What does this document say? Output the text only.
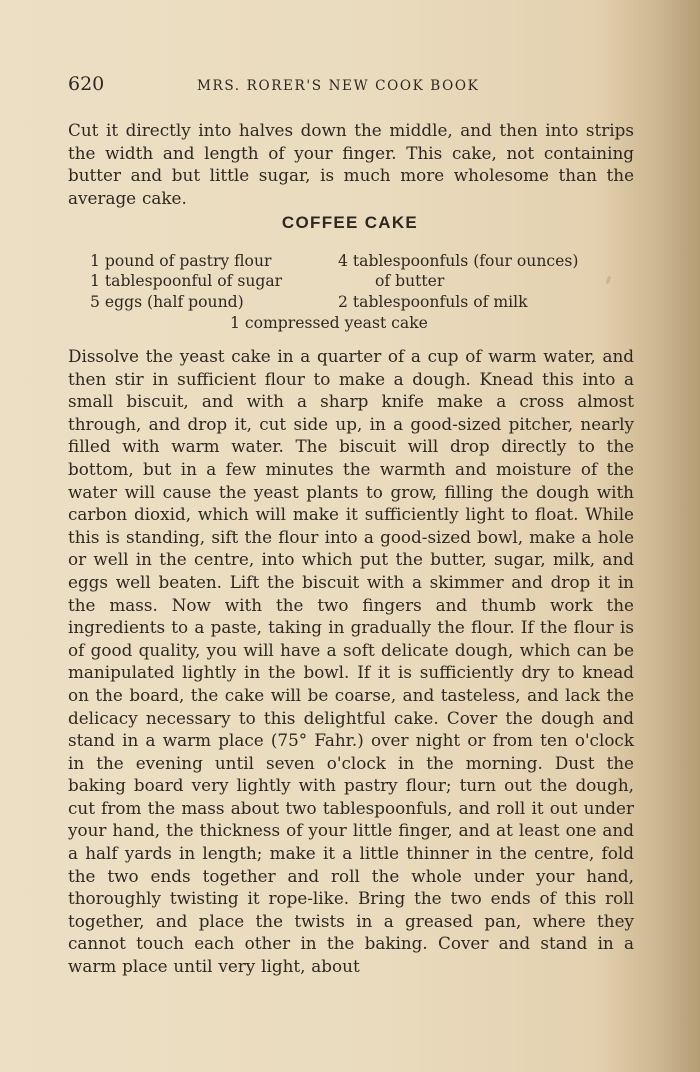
620	MRS. RORER'S NEW COOK BOOK

Cut it directly into halves down the middle, and then into strips the width and length of your finger. This cake, not containing butter and but little sugar, is much more wholesome than the average cake.

COFFEE CAKE

1 pound of pastry flour

1 tablespoonful of sugar

5 eggs (half pound)

4 tablespoonfuls (four ounces)

of butter

2 tablespoonfuls of milk

1 compressed yeast cake

Dissolve the yeast cake in a quarter of a cup of warm water, and then stir in sufficient flour to make a dough. Knead this into a small biscuit, and with a sharp knife make a cross almost through, and drop it, cut side up, in a good-sized pitcher, nearly filled with warm water. The biscuit will drop directly to the bottom, but in a few minutes the warmth and moisture of the water will cause the yeast plants to grow, filling the dough with carbon dioxid, which will make it sufficiently light to float. While this is standing, sift the flour into a good-sized bowl, make a hole or well in the centre, into which put the butter, sugar, milk, and eggs well beaten. Lift the biscuit with a skimmer and drop it in the mass. Now with the two fingers and thumb work the ingredients to a paste, taking in gradually the flour. If the flour is of good quality, you will have a soft delicate dough, which can be manipulated lightly in the bowl. If it is sufficiently dry to knead on the board, the cake will be coarse, and tasteless, and lack the delicacy necessary to this delightful cake. Cover the dough and stand in a warm place (75° Fahr.) over night or from ten o'clock in the evening until seven o'clock in the morning. Dust the baking board very lightly with pastry flour; turn out the dough, cut from the mass about two tablespoonfuls, and roll it out under your hand, the thickness of your little finger, and at least one and a half yards in length; make it a little thinner in the centre, fold the two ends together and roll the whole under your hand, thoroughly twisting it rope-like. Bring the two ends of this roll together, and place the twists in a greased pan, where they cannot touch each other in the baking. Cover and stand in a warm place until very light, about
